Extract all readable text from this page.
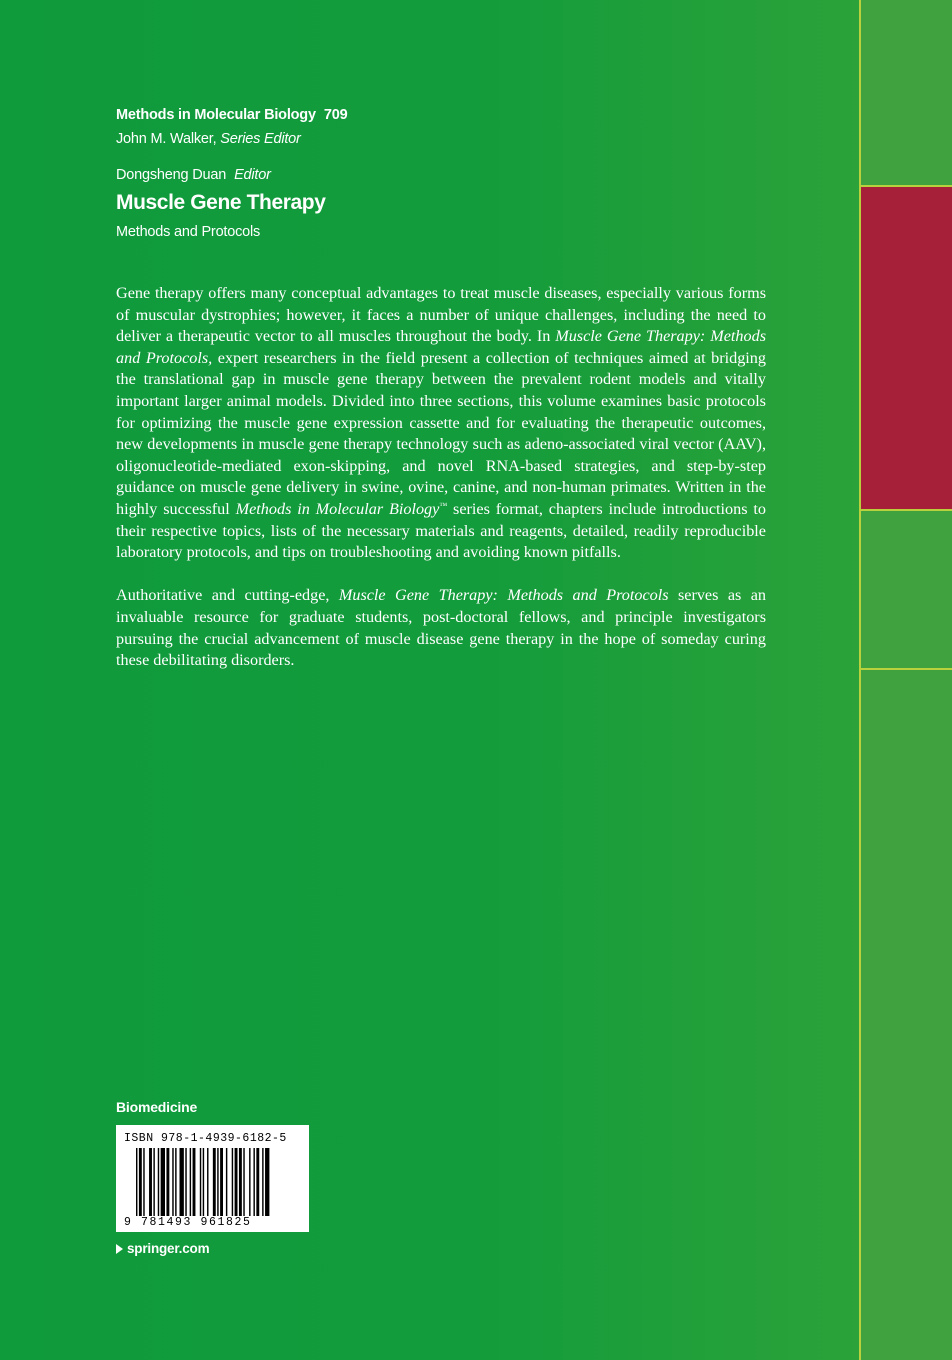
Methods in Molecular Biology 709
John M. Walker, Series Editor
Dongsheng Duan Editor
Muscle Gene Therapy
Methods and Protocols

Gene therapy offers many conceptual advantages to treat muscle diseases, especially various forms of muscular dystrophies; however, it faces a number of unique challenges, including the need to deliver a therapeutic vector to all muscles throughout the body. In Muscle Gene Therapy: Methods and Protocols, expert researchers in the field present a collection of techniques aimed at bridging the translational gap in muscle gene therapy between the prevalent rodent models and vitally important larger animal models. Divided into three sections, this volume examines basic protocols for optimizing the muscle gene expression cassette and for evaluating the therapeutic outcomes, new developments in muscle gene therapy technology such as adeno-associated viral vector (AAV), oligonucleotide-mediated exon-skipping, and novel RNA-based strategies, and step-by-step guidance on muscle gene delivery in swine, ovine, canine, and non-human primates. Written in the highly successful Methods in Molecular Biology™ series format, chapters include introductions to their respective topics, lists of the necessary materials and reagents, detailed, readily reproducible laboratory protocols, and tips on troubleshooting and avoiding known pitfalls.

Authoritative and cutting-edge, Muscle Gene Therapy: Methods and Protocols serves as an invaluable resource for graduate students, post-doctoral fellows, and principle investigators pursuing the crucial advancement of muscle disease gene therapy in the hope of someday curing these debilitating disorders.

Biomedicine
ISBN 978-1-4939-6182-5
9 781493 961825
springer.com
